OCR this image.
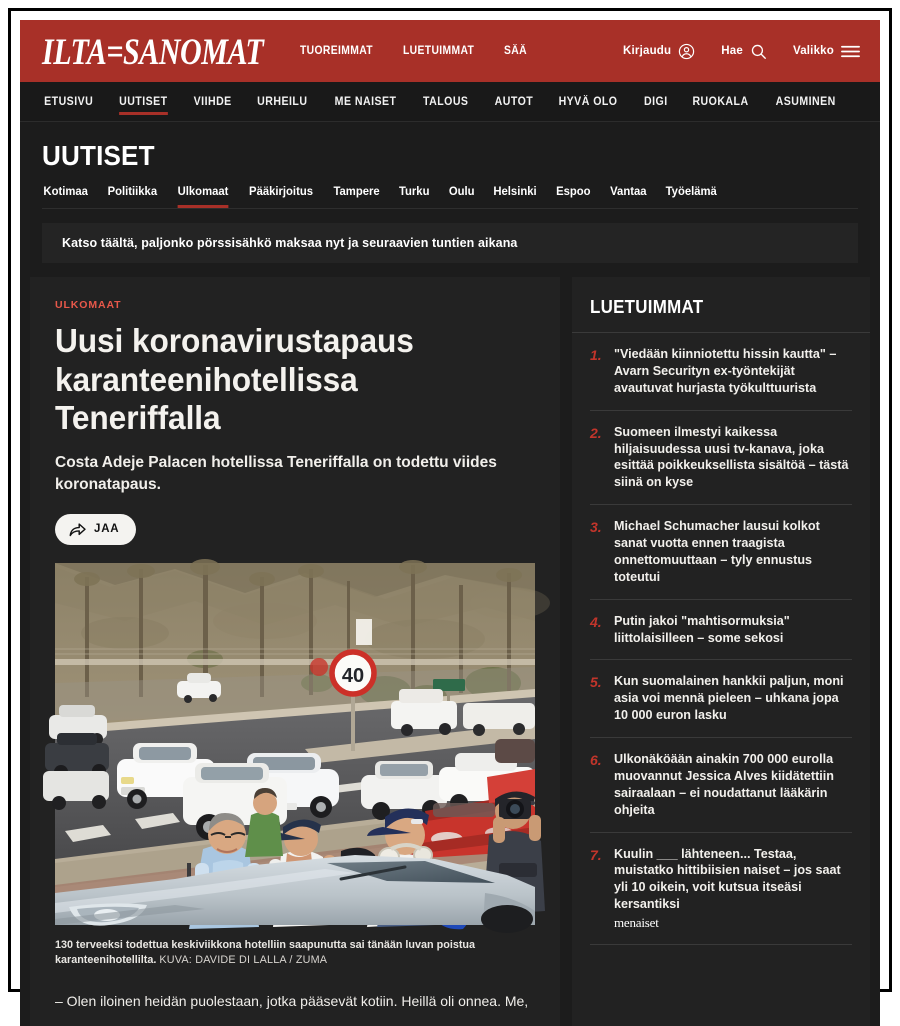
ILTA=SANOMAT	TUOREIMMAT	LUETUIMMAT	SÄÄ	Kirjaudu	Hae	Valikko
ETUSIVU UUTISET VIIHDE URHEILU ME NAISET TALOUS AUTOT HYVÄ OLO DIGI RUOKALA ASUMINEN
UUTISET
Kotimaa Politiikka Ulkomaat Pääkirjoitus Tampere Turku Oulu Helsinki Espoo Vantaa Työelämä
Katso täältä, paljonko pörssisähkö maksaa nyt ja seuraavien tuntien aikana
ULKOMAAT
Uusi koronavirustapaus karanteenihotellissa Teneriffalla

Costa Adeje Palacen hotellissa Teneriffalla on todettu viides koronatapaus.

JAA
40
130 terveeksi todettua keskiviikkona hotelliin saapunutta sai tänään luvan poistua karanteenihotellilta. KUVA: DAVIDE DI LALLA / ZUMA
– Olen iloinen heidän puolestaan, jotka pääsevät kotiin. Heillä oli onnea. Me,
LUETUIMMAT
1. "Viedään kiinniotettu hissin kautta" – Avarn Securityn ex-työntekijät avautuvat hurjasta työkulttuurista
2. Suomeen ilmestyi kaikessa hiljaisuudessa uusi tv-kanava, joka esittää poikkeuksellista sisältöä – tästä siinä on kyse
3. Michael Schumacher lausui kolkot sanat vuotta ennen traagista onnettomuuttaan – tyly ennustus toteutui
4. Putin jakoi "mahtisormuksia" liittolaisilleen – some sekosi
5. Kun suomalainen hankkii paljun, moni asia voi mennä pieleen – uhkana jopa 10 000 euron lasku
6. Ulkonäköään ainakin 700 000 eurolla muovannut Jessica Alves kiidätettiin sairaalaan – ei noudattanut lääkärin ohjeita
7. Kuulin ___ lähteneen... Testaa, muistatko hittibiisien naiset – jos saat yli 10 oikein, voit kutsua itseäsi kersantiksi
menaiset
